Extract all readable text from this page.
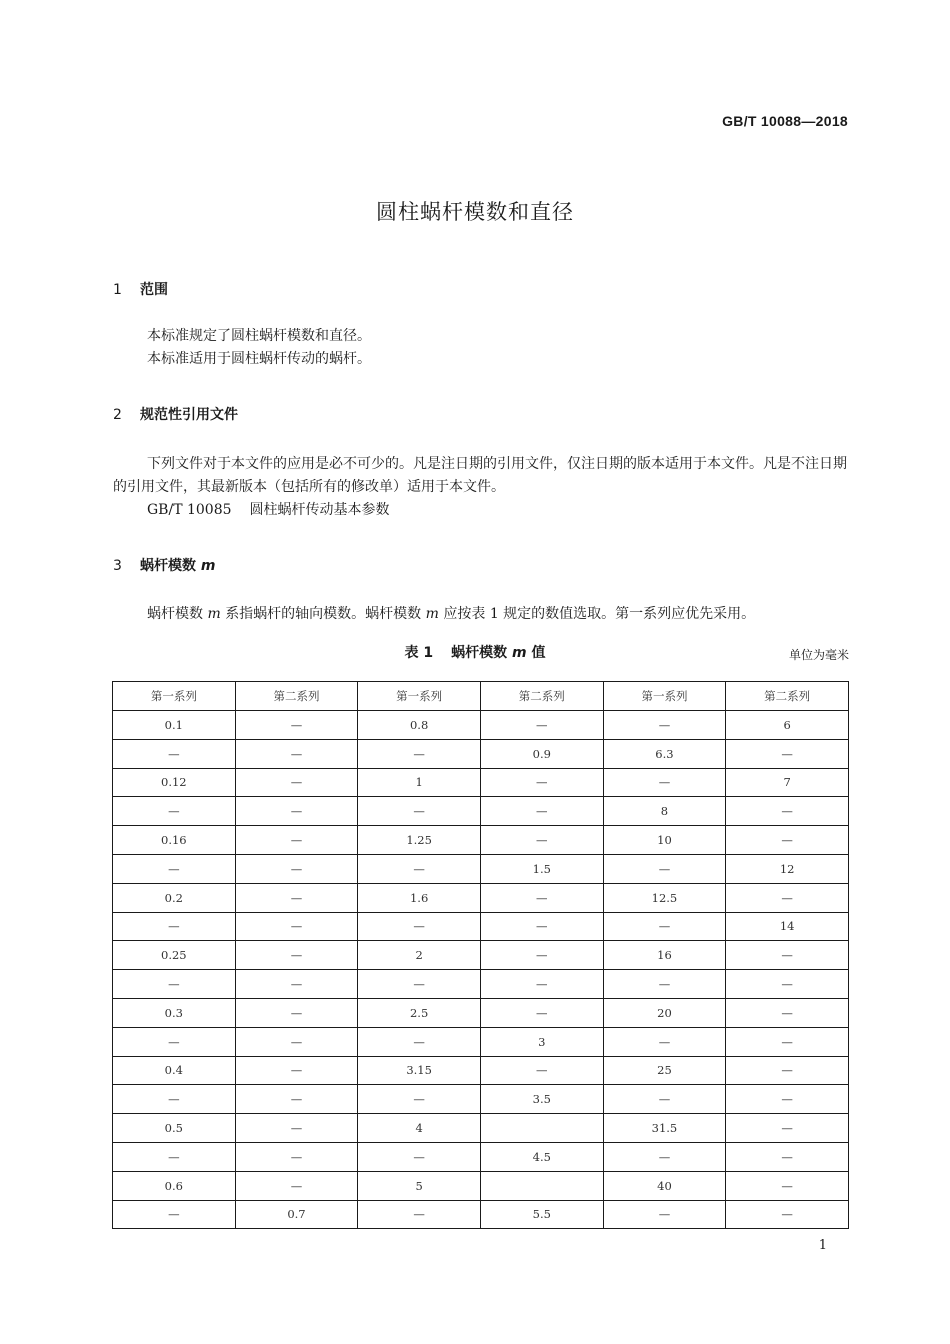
GB/T 10088—2018
圆柱蜗杆模数和直径
1 范围
本标准规定了圆柱蜗杆模数和直径。
本标准适用于圆柱蜗杆传动的蜗杆。
2 规范性引用文件
下列文件对于本文件的应用是必不可少的。凡是注日期的引用文件，仅注日期的版本适用于本文件。凡是不注日期的引用文件，其最新版本（包括所有的修改单）适用于本文件。
GB/T 10085 圆柱蜗杆传动基本参数
3 蜗杆模数 m
蜗杆模数 m 系指蜗杆的轴向模数。蜗杆模数 m 应按表 1 规定的数值选取。第一系列应优先采用。
表 1 蜗杆模数 m 值	单位为毫米
第一系列	第二系列	第一系列	第二系列	第一系列	第二系列
0.1	—	0.8	—	—	6
—	—	—	0.9	6.3	—
0.12	—	1	—	—	7
—	—	—	—	8	—
0.16	—	1.25	—	10	—
—	—	—	1.5	—	12
0.2	—	1.6	—	12.5	—
—	—	—	—	—	14
0.25	—	2	—	16	—
—	—	—	—	—	—
0.3	—	2.5	—	20	—
—	—	—	3	—	—
0.4	—	3.15	—	25	—
—	—	—	3.5	—	—
0.5	—	4		31.5	—
—	—	—	4.5	—	—
0.6	—	5		40	—
—	0.7	—	5.5	—	—
1
